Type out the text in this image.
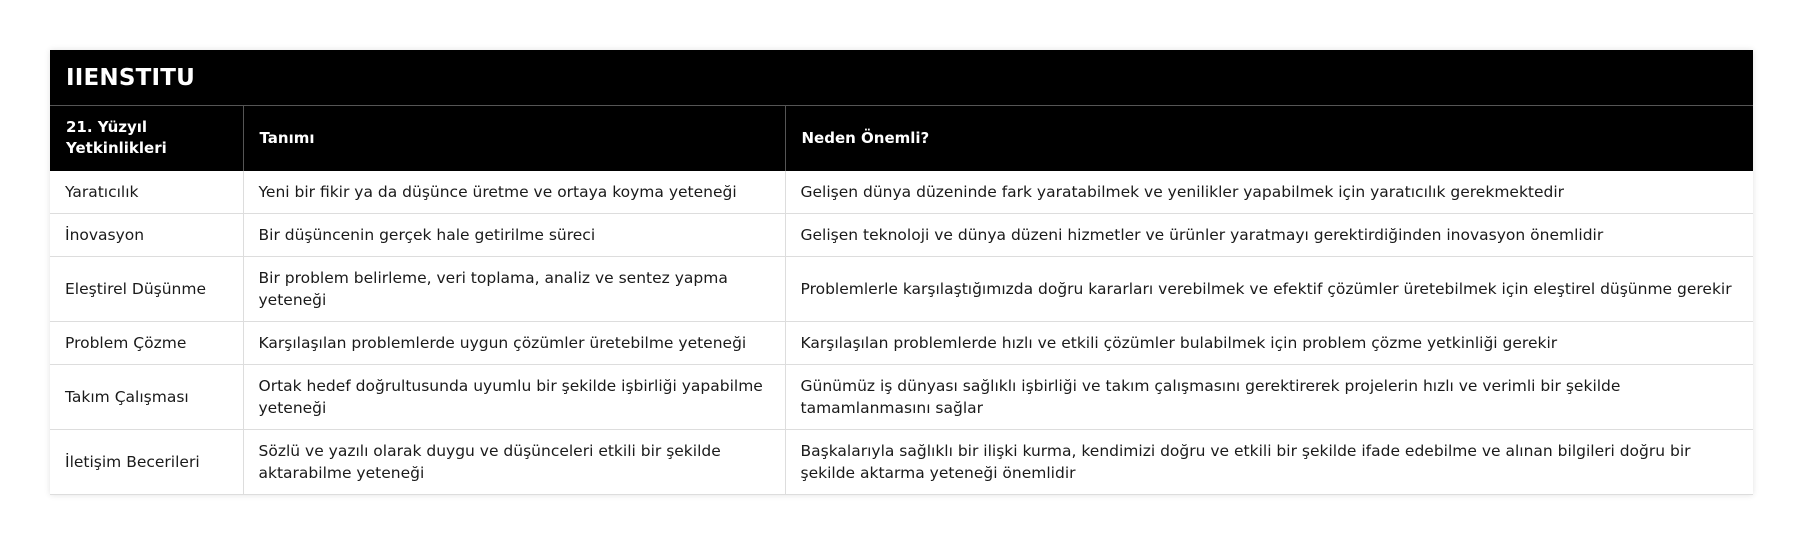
IIENSTITU
21. Yüzyıl Yetkinlikleri	Tanımı	Neden Önemli?
Yaratıcılık	Yeni bir fikir ya da düşünce üretme ve ortaya koyma yeteneği	Gelişen dünya düzeninde fark yaratabilmek ve yenilikler yapabilmek için yaratıcılık gerekmektedir
İnovasyon	Bir düşüncenin gerçek hale getirilme süreci	Gelişen teknoloji ve dünya düzeni hizmetler ve ürünler yaratmayı gerektirdiğinden inovasyon önemlidir
Eleştirel Düşünme	Bir problem belirleme, veri toplama, analiz ve sentez yapma yeteneği	Problemlerle karşılaştığımızda doğru kararları verebilmek ve efektif çözümler üretebilmek için eleştirel düşünme gerekir
Problem Çözme	Karşılaşılan problemlerde uygun çözümler üretebilme yeteneği	Karşılaşılan problemlerde hızlı ve etkili çözümler bulabilmek için problem çözme yetkinliği gerekir
Takım Çalışması	Ortak hedef doğrultusunda uyumlu bir şekilde işbirliği yapabilme yeteneği	Günümüz iş dünyası sağlıklı işbirliği ve takım çalışmasını gerektirerek projelerin hızlı ve verimli bir şekilde tamamlanmasını sağlar
İletişim Becerileri	Sözlü ve yazılı olarak duygu ve düşünceleri etkili bir şekilde aktarabilme yeteneği	Başkalarıyla sağlıklı bir ilişki kurma, kendimizi doğru ve etkili bir şekilde ifade edebilme ve alınan bilgileri doğru bir şekilde aktarma yeteneği önemlidir
